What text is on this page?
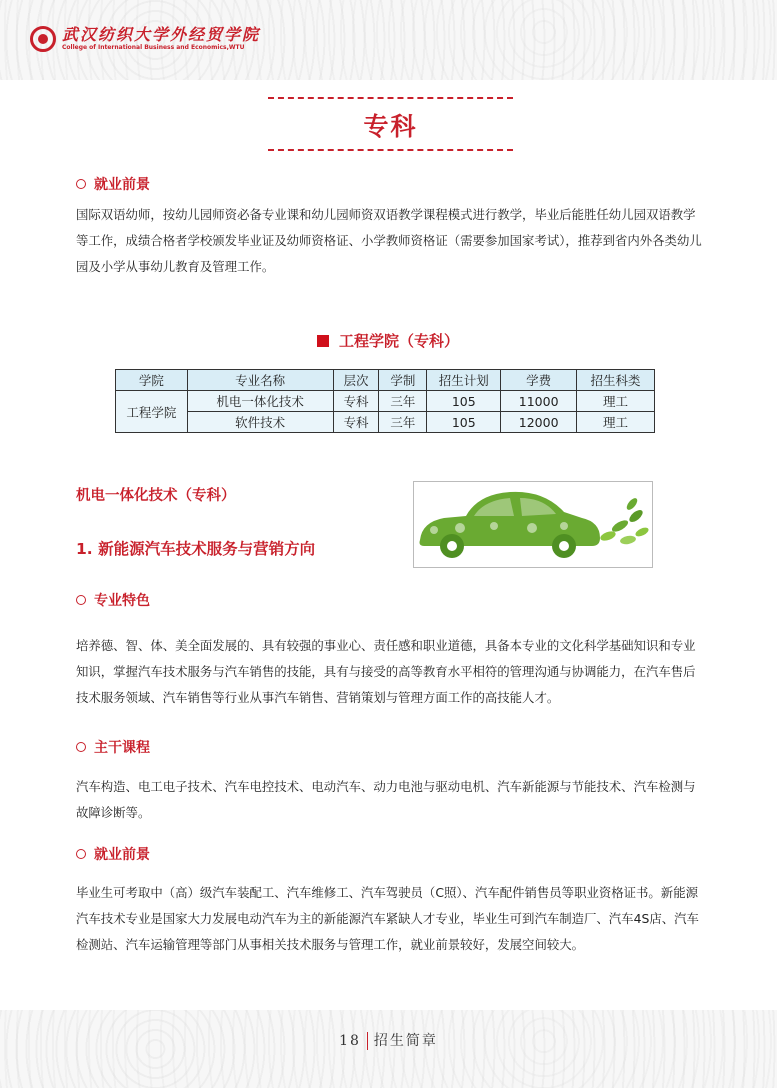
武汉纺织大学外经贸学院
College of International Business and Economics,WTU
专科
就业前景

国际双语幼师，按幼儿园师资必备专业课和幼儿园师资双语教学课程模式进行教学，毕业后能胜任幼儿园双语教学等工作，成绩合格者学校颁发毕业证及幼师资格证、小学教师资格证（需要参加国家考试），推荐到省内外各类幼儿园及小学从事幼儿教育及管理工作。

工程学院（专科）
学院	专业名称	层次	学制	招生计划	学费	招生科类
工程学院	机电一体化技术	专科	三年	105	11000	理工
	软件技术	专科	三年	105	12000	理工
机电一体化技术（专科）
1. 新能源汽车技术服务与营销方向
专业特色

培养德、智、体、美全面发展的、具有较强的事业心、责任感和职业道德，具备本专业的文化科学基础知识和专业知识，掌握汽车技术服务与汽车销售的技能，具有与接受的高等教育水平相符的管理沟通与协调能力，在汽车售后技术服务领域、汽车销售等行业从事汽车销售、营销策划与管理方面工作的高技能人才。

主干课程

汽车构造、电工电子技术、汽车电控技术、电动汽车、动力电池与驱动电机、汽车新能源与节能技术、汽车检测与故障诊断等。

就业前景

毕业生可考取中（高）级汽车装配工、汽车维修工、汽车驾驶员（C照）、汽车配件销售员等职业资格证书。新能源汽车技术专业是国家大力发展电动汽车为主的新能源汽车紧缺人才专业，毕业生可到汽车制造厂、汽车4S店、汽车检测站、汽车运输管理等部门从事相关技术服务与管理工作，就业前景较好，发展空间较大。

18 招生简章
